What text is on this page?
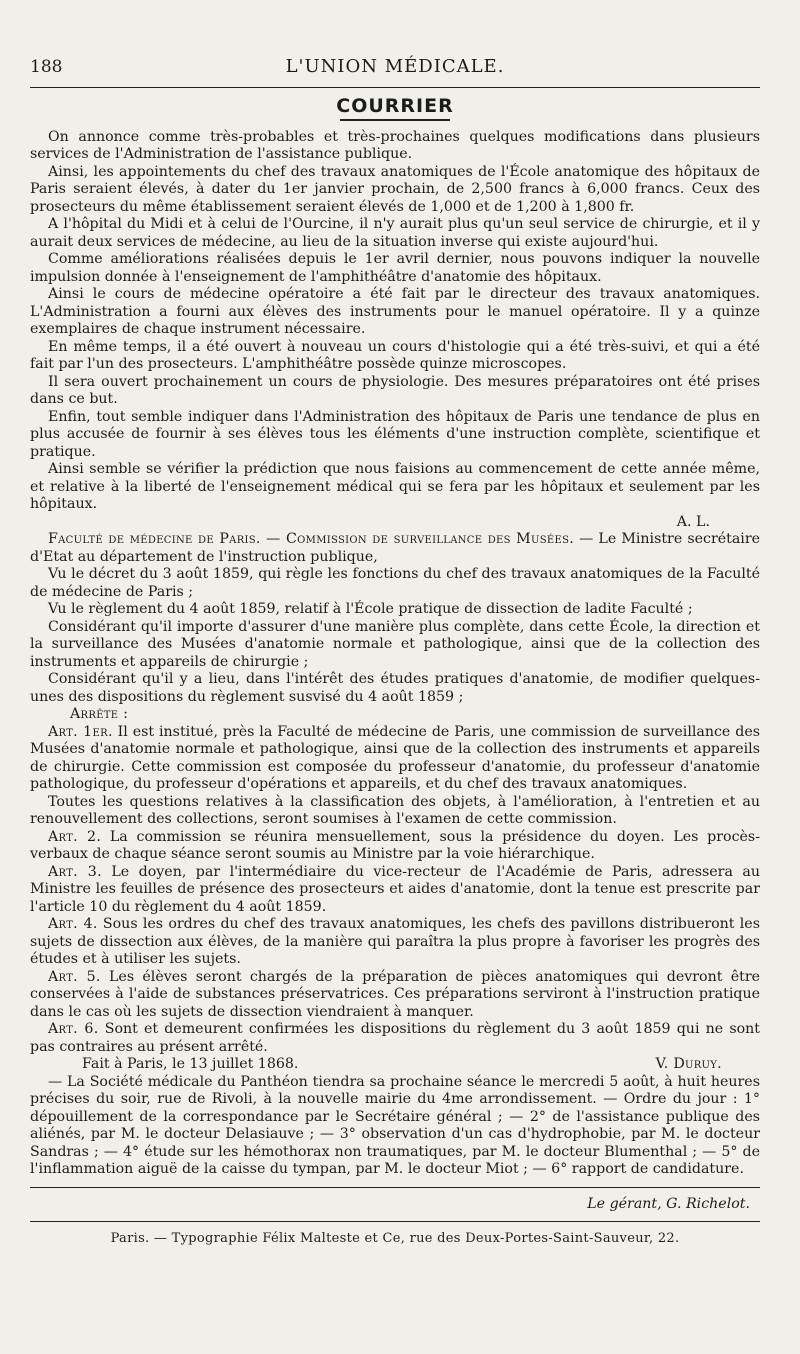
188	L'UNION MÉDICALE.
COURRIER

On annonce comme très-probables et très-prochaines quelques modifications dans plusieurs services de l'Administration de l'assistance publique.

Ainsi, les appointements du chef des travaux anatomiques de l'École anatomique des hôpitaux de Paris seraient élevés, à dater du 1er janvier prochain, de 2,500 francs à 6,000 francs. Ceux des prosecteurs du même établissement seraient élevés de 1,000 et de 1,200 à 1,800 fr.

A l'hôpital du Midi et à celui de l'Ourcine, il n'y aurait plus qu'un seul service de chirurgie, et il y aurait deux services de médecine, au lieu de la situation inverse qui existe aujourd'hui.

Comme améliorations réalisées depuis le 1er avril dernier, nous pouvons indiquer la nouvelle impulsion donnée à l'enseignement de l'amphithéâtre d'anatomie des hôpitaux.

Ainsi le cours de médecine opératoire a été fait par le directeur des travaux anatomiques. L'Administration a fourni aux élèves des instruments pour le manuel opératoire. Il y a quinze exemplaires de chaque instrument nécessaire.

En même temps, il a été ouvert à nouveau un cours d'histologie qui a été très-suivi, et qui a été fait par l'un des prosecteurs. L'amphithéâtre possède quinze microscopes.

Il sera ouvert prochainement un cours de physiologie. Des mesures préparatoires ont été prises dans ce but.

Enfin, tout semble indiquer dans l'Administration des hôpitaux de Paris une tendance de plus en plus accusée de fournir à ses élèves tous les éléments d'une instruction complète, scientifique et pratique.

Ainsi semble se vérifier la prédiction que nous faisions au commencement de cette année même, et relative à la liberté de l'enseignement médical qui se fera par les hôpitaux et seulement par les hôpitaux.

A. L.

Faculté de médecine de Paris. — Commission de surveillance des Musées. — Le Ministre secrétaire d'Etat au département de l'instruction publique,

Vu le décret du 3 août 1859, qui règle les fonctions du chef des travaux anatomiques de la Faculté de médecine de Paris ;

Vu le règlement du 4 août 1859, relatif à l'École pratique de dissection de ladite Faculté ;

Considérant qu'il importe d'assurer d'une manière plus complète, dans cette École, la direction et la surveillance des Musées d'anatomie normale et pathologique, ainsi que de la collection des instruments et appareils de chirurgie ;

Considérant qu'il y a lieu, dans l'intérêt des études pratiques d'anatomie, de modifier quelques-unes des dispositions du règlement susvisé du 4 août 1859 ;

Arrête :

Art. 1er. Il est institué, près la Faculté de médecine de Paris, une commission de surveillance des Musées d'anatomie normale et pathologique, ainsi que de la collection des instruments et appareils de chirurgie. Cette commission est composée du professeur d'anatomie, du professeur d'anatomie pathologique, du professeur d'opérations et appareils, et du chef des travaux anatomiques.

Toutes les questions relatives à la classification des objets, à l'amélioration, à l'entretien et au renouvellement des collections, seront soumises à l'examen de cette commission.

Art. 2. La commission se réunira mensuellement, sous la présidence du doyen. Les procès-verbaux de chaque séance seront soumis au Ministre par la voie hiérarchique.

Art. 3. Le doyen, par l'intermédiaire du vice-recteur de l'Académie de Paris, adressera au Ministre les feuilles de présence des prosecteurs et aides d'anatomie, dont la tenue est prescrite par l'article 10 du règlement du 4 août 1859.

Art. 4. Sous les ordres du chef des travaux anatomiques, les chefs des pavillons distribueront les sujets de dissection aux élèves, de la manière qui paraîtra la plus propre à favoriser les progrès des études et à utiliser les sujets.

Art. 5. Les élèves seront chargés de la préparation de pièces anatomiques qui devront être conservées à l'aide de substances préservatrices. Ces préparations serviront à l'instruction pratique dans le cas où les sujets de dissection viendraient à manquer.

Art. 6. Sont et demeurent confirmées les dispositions du règlement du 3 août 1859 qui ne sont pas contraires au présent arrêté.

Fait à Paris, le 13 juillet 1868.	V. Duruy.

— La Société médicale du Panthéon tiendra sa prochaine séance le mercredi 5 août, à huit heures précises du soir, rue de Rivoli, à la nouvelle mairie du 4me arrondissement. — Ordre du jour : 1° dépouillement de la correspondance par le Secrétaire général ; — 2° de l'assistance publique des aliénés, par M. le docteur Delasiauve ; — 3° observation d'un cas d'hydrophobie, par M. le docteur Sandras ; — 4° étude sur les hémothorax non traumatiques, par M. le docteur Blumenthal ; — 5° de l'inflammation aiguë de la caisse du tympan, par M. le docteur Miot ; — 6° rapport de candidature.

Le gérant, G. Richelot.
Paris. — Typographie Félix Malteste et Ce, rue des Deux-Portes-Saint-Sauveur, 22.
